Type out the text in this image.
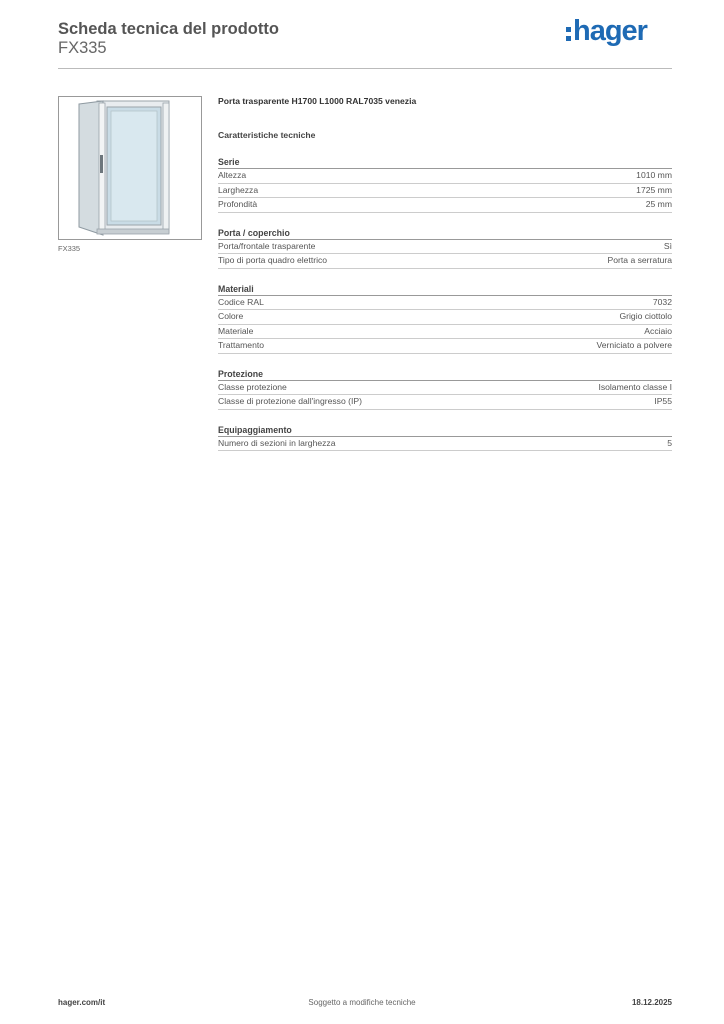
Scheda tecnica del prodotto
FX335
hager
FX335
Porta trasparente H1700 L1000 RAL7035 venezia
Caratteristiche tecniche
Serie
Altezza	1010 mm
Larghezza	1725 mm
Profondità	25 mm
Porta / coperchio
Porta/frontale trasparente	Sì
Tipo di porta quadro elettrico	Porta a serratura
Materiali
Codice RAL	7032
Colore	Grigio ciottolo
Materiale	Acciaio
Trattamento	Verniciato a polvere
Protezione
Classe protezione	Isolamento classe I
Classe di protezione dall'ingresso (IP)	IP55
Equipaggiamento
Numero di sezioni in larghezza	5
hager.com/it	Soggetto a modifiche tecniche	18.12.2025
